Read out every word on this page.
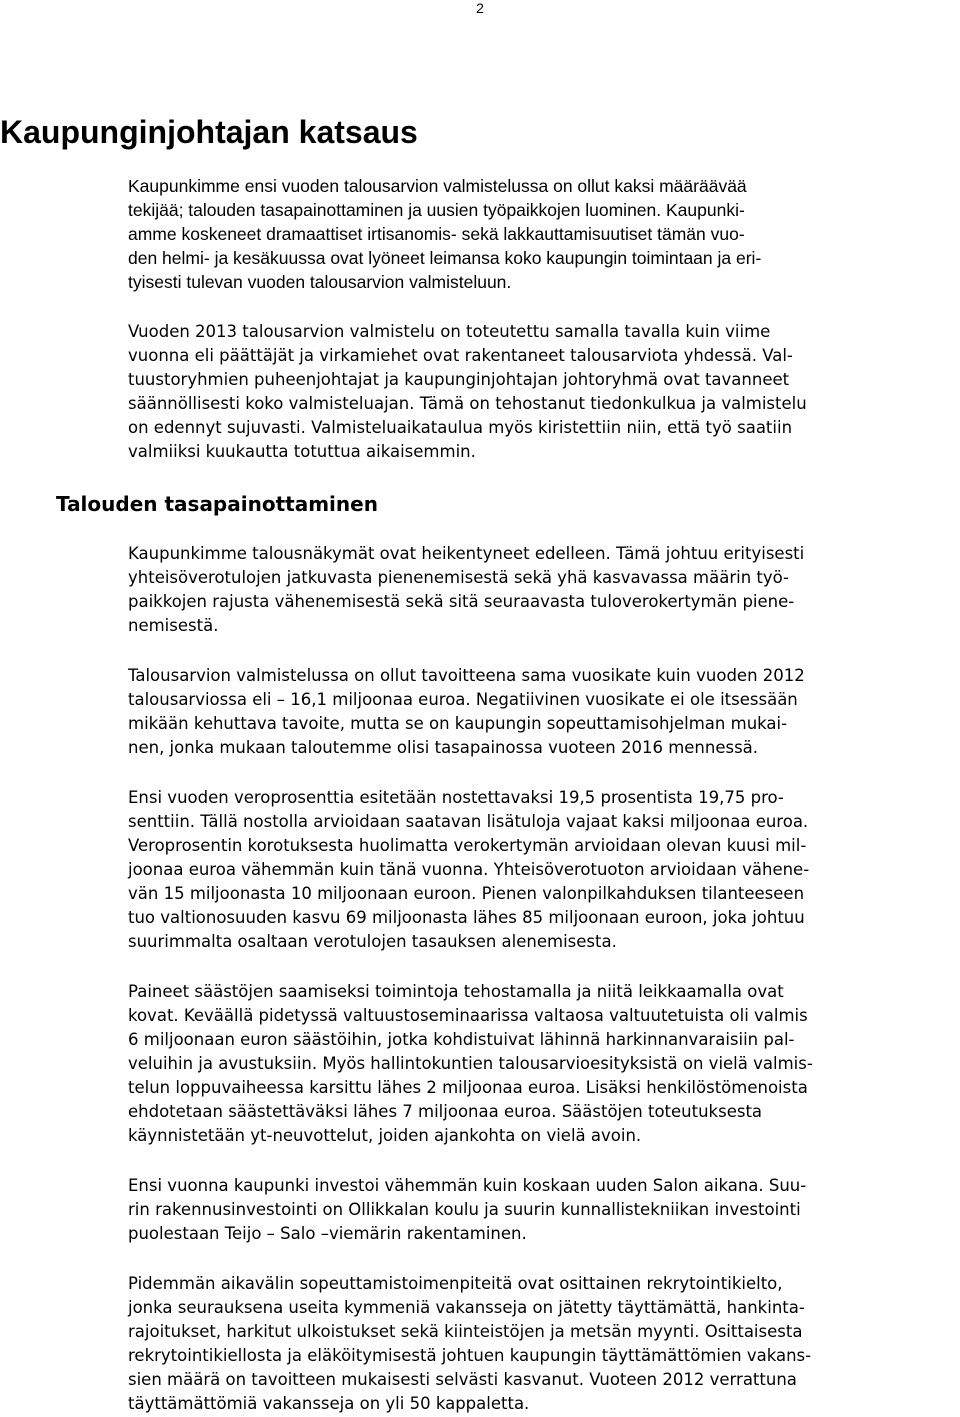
2
Kaupunginjohtajan katsaus
Kaupunkimme ensi vuoden talousarvion valmistelussa on ollut kaksi määräävää
tekijää; talouden tasapainottaminen ja uusien työpaikkojen luominen. Kaupunki-
amme koskeneet dramaattiset irtisanomis- sekä lakkauttamisuutiset tämän vuo-
den helmi- ja kesäkuussa ovat lyöneet leimansa koko kaupungin toimintaan ja eri-
tyisesti tulevan vuoden talousarvion valmisteluun.
Vuoden 2013 talousarvion valmistelu on toteutettu samalla tavalla kuin viime
vuonna eli päättäjät ja virkamiehet ovat rakentaneet talousarviota yhdessä. Val-
tuustoryhmien puheenjohtajat ja kaupunginjohtajan johtoryhmä ovat tavanneet
säännöllisesti koko valmisteluajan. Tämä on tehostanut tiedonkulkua ja valmistelu
on edennyt sujuvasti. Valmisteluaikataulua myös kiristettiin niin, että työ saatiin
valmiiksi kuukautta totuttua aikaisemmin.
Talouden tasapainottaminen
Kaupunkimme talousnäkymät ovat heikentyneet edelleen. Tämä johtuu erityisesti
yhteisöverotulojen jatkuvasta pienenemisestä sekä yhä kasvavassa määrin työ-
paikkojen rajusta vähenemisestä sekä sitä seuraavasta tuloverokertymän piene-
nemisestä.
Talousarvion valmistelussa on ollut tavoitteena sama vuosikate kuin vuoden 2012
talousarviossa eli – 16,1 miljoonaa euroa. Negatiivinen vuosikate ei ole itsessään
mikään kehuttava tavoite, mutta se on kaupungin sopeuttamisohjelman mukai-
nen, jonka mukaan taloutemme olisi tasapainossa vuoteen 2016 mennessä.
Ensi vuoden veroprosenttia esitetään nostettavaksi 19,5 prosentista 19,75 pro-
senttiin. Tällä nostolla arvioidaan saatavan lisätuloja vajaat kaksi miljoonaa euroa.
Veroprosentin korotuksesta huolimatta verokertymän arvioidaan olevan kuusi mil-
joonaa euroa vähemmän kuin tänä vuonna. Yhteisöverotuoton arvioidaan vähene-
vän 15 miljoonasta 10 miljoonaan euroon. Pienen valonpilkahduksen tilanteeseen
tuo valtionosuuden kasvu 69 miljoonasta lähes 85 miljoonaan euroon, joka johtuu
suurimmalta osaltaan verotulojen tasauksen alenemisesta.
Paineet säästöjen saamiseksi toimintoja tehostamalla ja niitä leikkaamalla ovat
kovat. Keväällä pidetyssä valtuustoseminaarissa valtaosa valtuutetuista oli valmis
6 miljoonaan euron säästöihin, jotka kohdistuivat lähinnä harkinnanvaraisiin pal-
veluihin ja avustuksiin. Myös hallintokuntien talousarvioesityksistä on vielä valmis-
telun loppuvaiheessa karsittu lähes 2 miljoonaa euroa. Lisäksi henkilöstömenoista
ehdotetaan säästettäväksi lähes 7 miljoonaa euroa. Säästöjen toteutuksesta
käynnistetään yt-neuvottelut, joiden ajankohta on vielä avoin.
Ensi vuonna kaupunki investoi vähemmän kuin koskaan uuden Salon aikana. Suu-
rin rakennusinvestointi on Ollikkalan koulu ja suurin kunnallistekniikan investointi
puolestaan Teijo – Salo –viemärin rakentaminen.
Pidemmän aikavälin sopeuttamistoimenpiteitä ovat osittainen rekrytointikielto,
jonka seurauksena useita kymmeniä vakansseja on jätetty täyttämättä, hankinta-
rajoitukset, harkitut ulkoistukset sekä kiinteistöjen ja metsän myynti. Osittaisesta
rekrytointikiellosta ja eläköitymisestä johtuen kaupungin täyttämättömien vakans-
sien määrä on tavoitteen mukaisesti selvästi kasvanut. Vuoteen 2012 verrattuna
täyttämättömiä vakansseja on yli 50 kappaletta.
